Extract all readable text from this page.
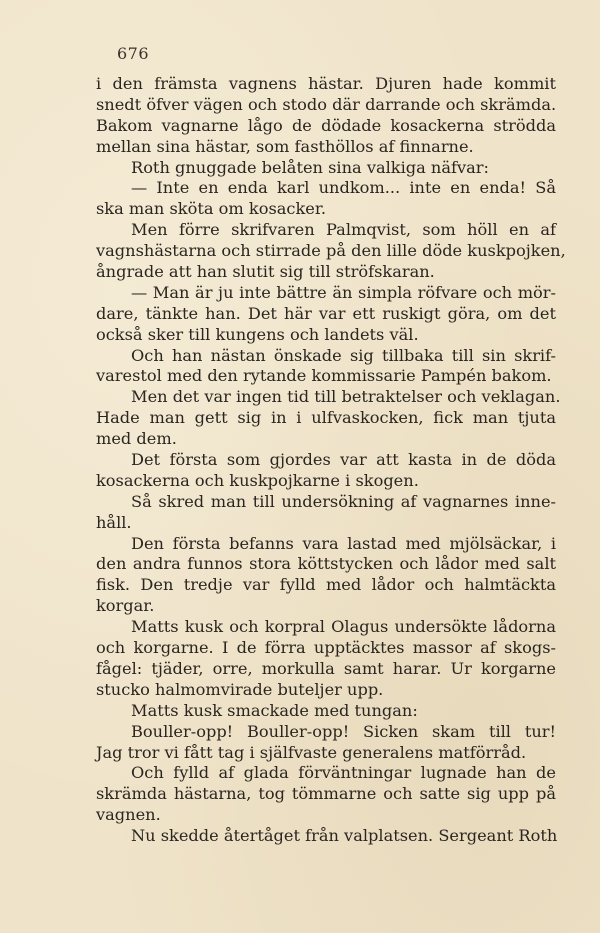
676
i den främsta vagnens hästar. Djuren hade kommit
snedt öfver vägen och stodo där darrande och skrämda.
Bakom vagnarne lågo de dödade kosackerna strödda
mellan sina hästar, som fasthöllos af finnarne.
Roth gnuggade belåten sina valkiga näfvar:
— Inte en enda karl undkom... inte en enda! Så
ska man sköta om kosacker.
Men förre skrifvaren Palmqvist, som höll en af
vagnshästarna och stirrade på den lille döde kuskpojken,
ångrade att han slutit sig till ströfskaran.
— Man är ju inte bättre än simpla röfvare och mör-
dare, tänkte han. Det här var ett ruskigt göra, om det
också sker till kungens och landets väl.
Och han nästan önskade sig tillbaka till sin skrif-
varestol med den rytande kommissarie Pampén bakom.
Men det var ingen tid till betraktelser och veklagan.
Hade man gett sig in i ulfvaskocken, fick man tjuta
med dem.
Det första som gjordes var att kasta in de döda
kosackerna och kuskpojkarne i skogen.
Så skred man till undersökning af vagnarnes inne-
håll.
Den första befanns vara lastad med mjölsäckar, i
den andra funnos stora köttstycken och lådor med salt
fisk. Den tredje var fylld med lådor och halmtäckta
korgar.
Matts kusk och korpral Olagus undersökte lådorna
och korgarne. I de förra upptäcktes massor af skogs-
fågel: tjäder, orre, morkulla samt harar. Ur korgarne
stucko halmomvirade buteljer upp.
Matts kusk smackade med tungan:
Bouller-opp! Bouller-opp! Sicken skam till tur!
Jag tror vi fått tag i själfvaste generalens matförråd.
Och fylld af glada förväntningar lugnade han de
skrämda hästarna, tog tömmarne och satte sig upp på
vagnen.
Nu skedde återtåget från valplatsen. Sergeant Roth
